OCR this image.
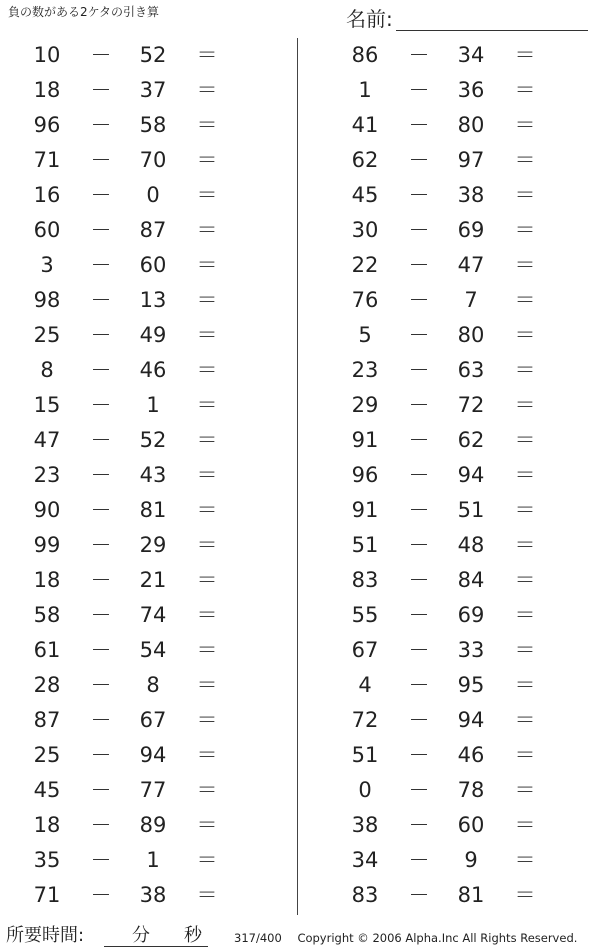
負の数がある2ケタの引き算	名前:
10	－	52	＝
18	－	37	＝
96	－	58	＝
71	－	70	＝
16	－	0	＝
60	－	87	＝
3	－	60	＝
98	－	13	＝
25	－	49	＝
8	－	46	＝
15	－	1	＝
47	－	52	＝
23	－	43	＝
90	－	81	＝
99	－	29	＝
18	－	21	＝
58	－	74	＝
61	－	54	＝
28	－	8	＝
87	－	67	＝
25	－	94	＝
45	－	77	＝
18	－	89	＝
35	－	1	＝
71	－	38	＝
86	－	34	＝
1	－	36	＝
41	－	80	＝
62	－	97	＝
45	－	38	＝
30	－	69	＝
22	－	47	＝
76	－	7	＝
5	－	80	＝
23	－	63	＝
29	－	72	＝
91	－	62	＝
96	－	94	＝
91	－	51	＝
51	－	48	＝
83	－	84	＝
55	－	69	＝
67	－	33	＝
4	－	95	＝
72	－	94	＝
51	－	46	＝
0	－	78	＝
38	－	60	＝
34	－	9	＝
83	－	81	＝
所要時間:	分 秒	317/400 Copyright © 2006 Alpha.Inc All Rights Reserved.
